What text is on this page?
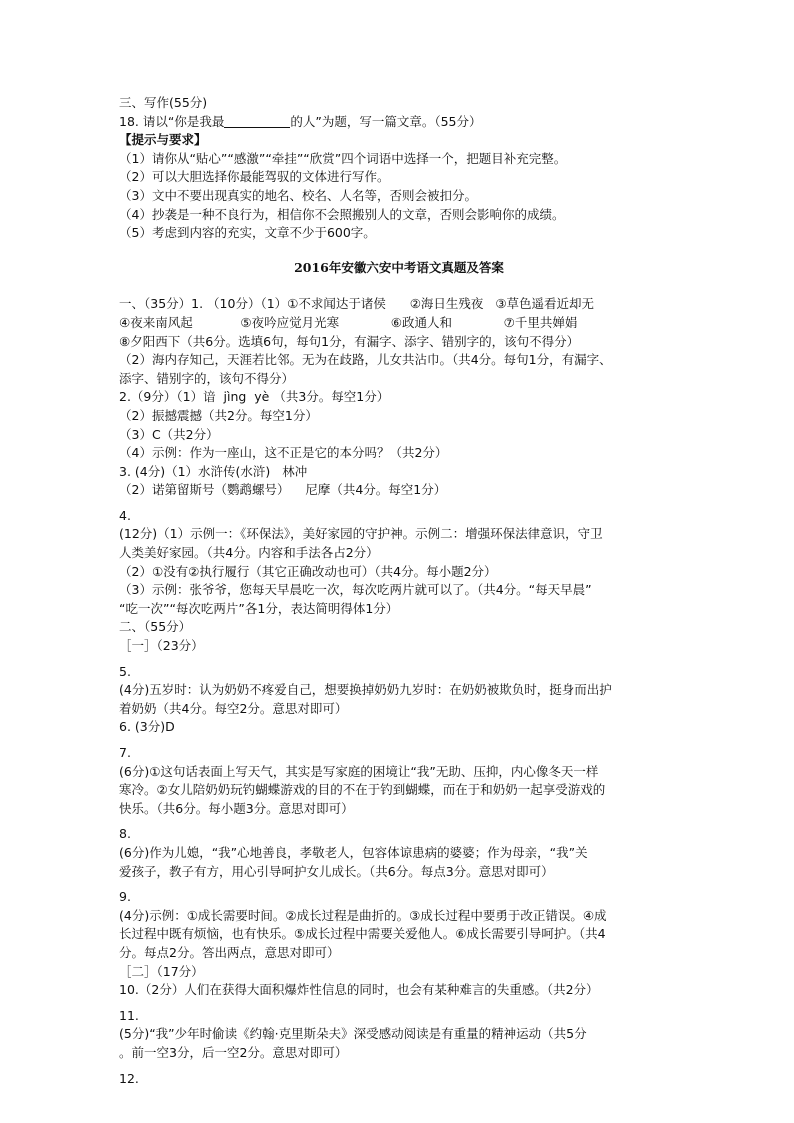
三、写作(55分)
18. 请以“你是我最	的人”为题，写一篇文章。（55分）
【提示与要求】
（1）请你从“贴心”“感激”“牵挂”“欣赏”四个词语中选择一个，把题目补充完整。
（2）可以大胆选择你最能驾驭的文体进行写作。
（3）文中不要出现真实的地名、校名、人名等，否则会被扣分。
（4）抄袭是一种不良行为，相信你不会照搬别人的文章，否则会影响你的成绩。
（5）考虑到内容的充实，文章不少于600字。
2016年安徽六安中考语文真题及答案
一、（35分）1. （10分）（1）①不求闻达于诸侯      ②海日生残夜   ③草色遥看近却无
④夜来南风起            ⑤夜吟应觉月光寒             ⑥政通人和             ⑦千里共婵娟
⑧夕阳西下（共6分。选填6句，每句1分，有漏字、添字、错别字的，该句不得分）
（2）海内存知己，天涯若比邻。无为在歧路，儿女共沾巾。（共4分。每句1分，有漏字、
添字、错别字的，该句不得分）
2.（9分）（1）谙  jìng  yè （共3分。每空1分）
（2）振撼震撼（共2分。每空1分）
（3）C（共2分）
（4）示例：作为一座山，这不正是它的本分吗？（共2分）
3. (4分)（1）水浒传(水浒)   林冲
（2）诺第留斯号（鹦鹉螺号）    尼摩（共4分。每空1分）
4.
(12分)（1）示例一：《环保法》，美好家园的守护神。示例二：增强环保法律意识，守卫
人类美好家园。（共4分。内容和手法各占2分）
（2）①没有②执行履行（其它正确改动也可）（共4分。每小题2分）
（3）示例：张爷爷，您每天早晨吃一次，每次吃两片就可以了。（共4分。“每天早晨”
“吃一次”“每次吃两片”各1分，表达简明得体1分）
二、（55分）
［一］（23分）
5.
(4分)五岁时：认为奶奶不疼爱自己，想要换掉奶奶九岁时：在奶奶被欺负时，挺身而出护
着奶奶（共4分。每空2分。意思对即可）
6. (3分)D
7.
(6分)①这句话表面上写天气，其实是写家庭的困境让“我”无助、压抑，内心像冬天一样
寒冷。②女儿陪奶奶玩钓蝴蝶游戏的目的不在于钓到蝴蝶，而在于和奶奶一起享受游戏的
快乐。（共6分。每小题3分。意思对即可）
8.
(6分)作为儿媳，“我”心地善良，孝敬老人，包容体谅患病的婆婆；作为母亲，“我”关
爱孩子，教子有方，用心引导呵护女儿成长。（共6分。每点3分。意思对即可）
9.
(4分)示例：①成长需要时间。②成长过程是曲折的。③成长过程中要勇于改正错误。④成
长过程中既有烦恼，也有快乐。⑤成长过程中需要关爱他人。⑥成长需要引导呵护。（共4
分。每点2分。答出两点，意思对即可）
［二］（17分）
10.（2分）人们在获得大面积爆炸性信息的同时，也会有某种难言的失重感。（共2分）
11.
(5分)“我”少年时偷读《约翰·克里斯朵夫》深受感动阅读是有重量的精神运动（共5分
。前一空3分，后一空2分。意思对即可）
12.
